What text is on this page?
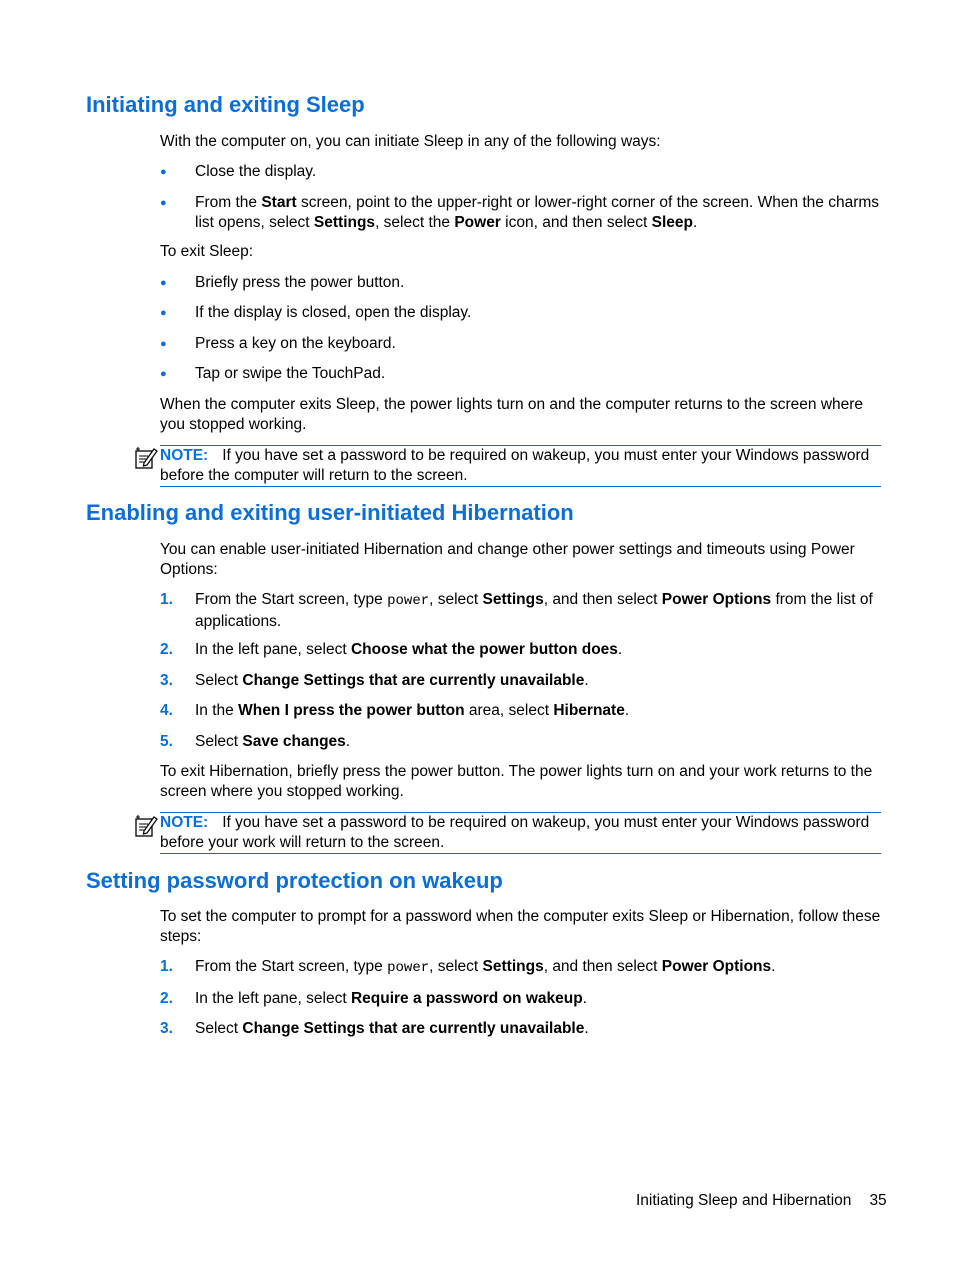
Initiating and exiting Sleep
With the computer on, you can initiate Sleep in any of the following ways:
● Close the display.
● From the Start screen, point to the upper-right or lower-right corner of the screen. When the charms list opens, select Settings, select the Power icon, and then select Sleep.
To exit Sleep:
● Briefly press the power button.
● If the display is closed, open the display.
● Press a key on the keyboard.
● Tap or swipe the TouchPad.
When the computer exits Sleep, the power lights turn on and the computer returns to the screen where you stopped working.
NOTE: If you have set a password to be required on wakeup, you must enter your Windows password before the computer will return to the screen.
Enabling and exiting user-initiated Hibernation
You can enable user-initiated Hibernation and change other power settings and timeouts using Power Options:
1. From the Start screen, type power, select Settings, and then select Power Options from the list of applications.
2. In the left pane, select Choose what the power button does.
3. Select Change Settings that are currently unavailable.
4. In the When I press the power button area, select Hibernate.
5. Select Save changes.
To exit Hibernation, briefly press the power button. The power lights turn on and your work returns to the screen where you stopped working.
NOTE: If you have set a password to be required on wakeup, you must enter your Windows password before your work will return to the screen.
Setting password protection on wakeup
To set the computer to prompt for a password when the computer exits Sleep or Hibernation, follow these steps:
1. From the Start screen, type power, select Settings, and then select Power Options.
2. In the left pane, select Require a password on wakeup.
3. Select Change Settings that are currently unavailable.
Initiating Sleep and Hibernation 35
